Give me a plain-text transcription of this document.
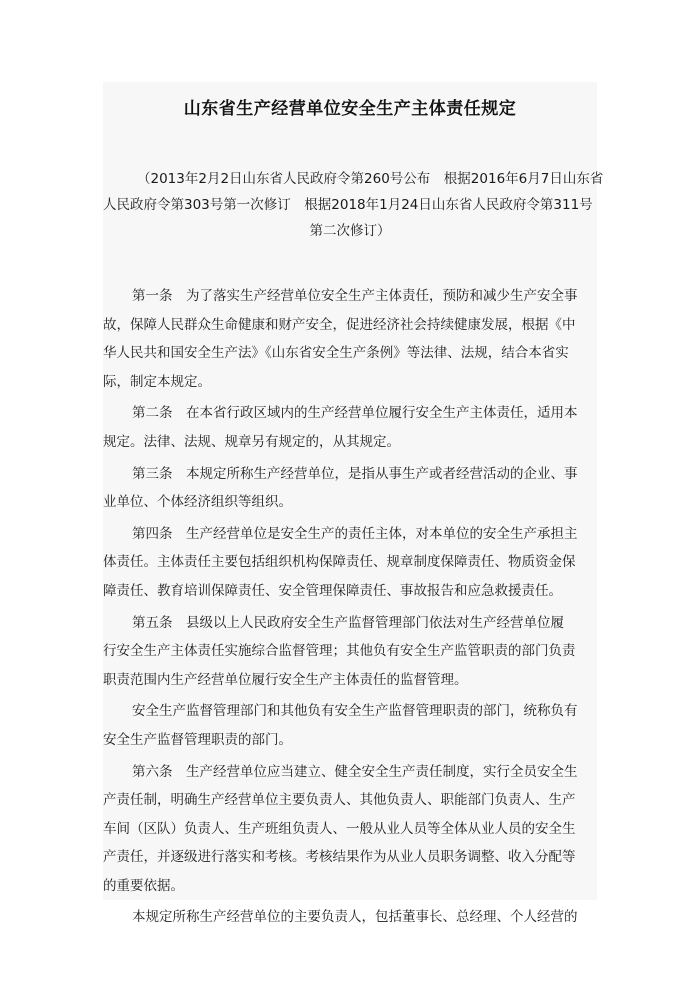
山东省生产经营单位安全生产主体责任规定
（2013年2月2日山东省人民政府令第260号公布　根据2016年6月7日山东省
人民政府令第303号第一次修订　根据2018年1月24日山东省人民政府令第311号
第二次修订）
第一条　为了落实生产经营单位安全生产主体责任，预防和减少生产安全事
故，保障人民群众生命健康和财产安全，促进经济社会持续健康发展，根据《中
华人民共和国安全生产法》《山东省安全生产条例》等法律、法规，结合本省实
际，制定本规定。
第二条　在本省行政区域内的生产经营单位履行安全生产主体责任，适用本
规定。法律、法规、规章另有规定的，从其规定。
第三条　本规定所称生产经营单位，是指从事生产或者经营活动的企业、事
业单位、个体经济组织等组织。
第四条　生产经营单位是安全生产的责任主体，对本单位的安全生产承担主
体责任。主体责任主要包括组织机构保障责任、规章制度保障责任、物质资金保
障责任、教育培训保障责任、安全管理保障责任、事故报告和应急救援责任。
第五条　县级以上人民政府安全生产监督管理部门依法对生产经营单位履
行安全生产主体责任实施综合监督管理；其他负有安全生产监管职责的部门负责
职责范围内生产经营单位履行安全生产主体责任的监督管理。
安全生产监督管理部门和其他负有安全生产监督管理职责的部门，统称负有
安全生产监督管理职责的部门。
第六条　生产经营单位应当建立、健全安全生产责任制度，实行全员安全生
产责任制，明确生产经营单位主要负责人、其他负责人、职能部门负责人、生产
车间（区队）负责人、生产班组负责人、一般从业人员等全体从业人员的安全生
产责任，并逐级进行落实和考核。考核结果作为从业人员职务调整、收入分配等
的重要依据。
本规定所称生产经营单位的主要负责人，包括董事长、总经理、个人经营的
